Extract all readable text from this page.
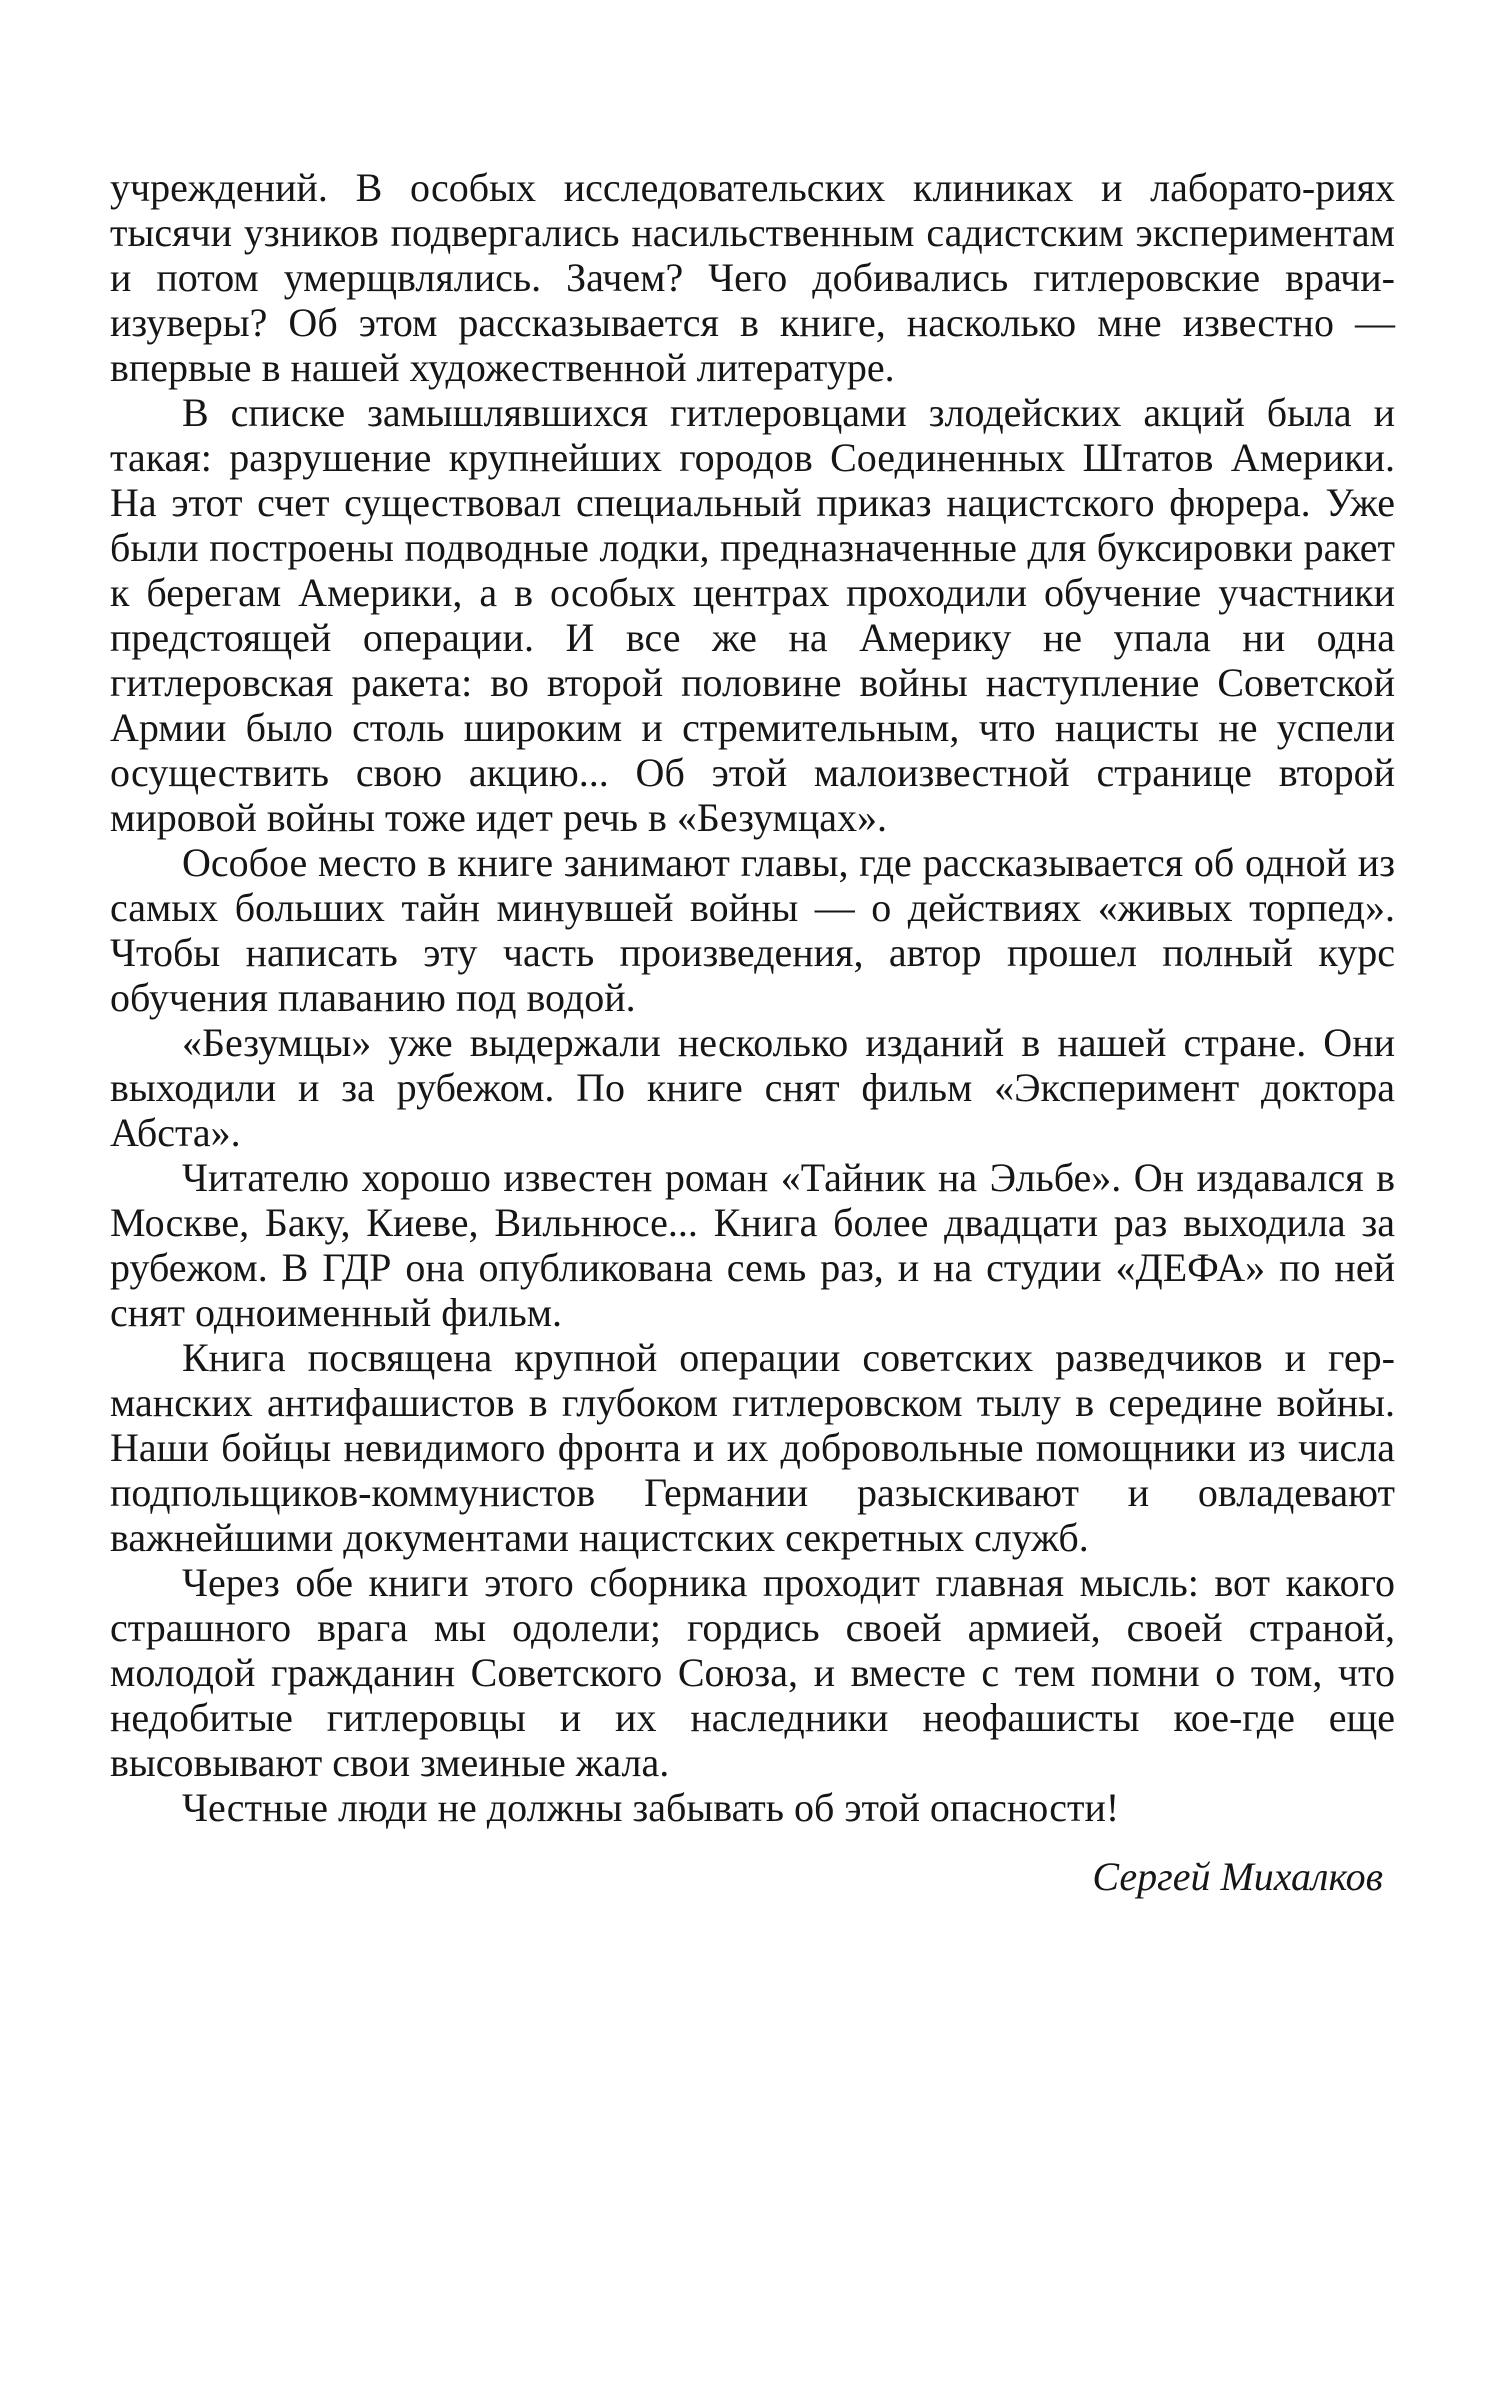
учреждений. В особых исследовательских клиниках и лаборато-риях тысячи узников подвергались насильственным садистским экспериментам и потом умерщвлялись. Зачем? Чего добивались гитлеровские врачи-изуверы? Об этом рассказывается в книге, насколько мне известно — впервые в нашей художественной литературе.

В списке замышлявшихся гитлеровцами злодейских акций была и такая: разрушение крупнейших городов Соединенных Штатов Америки. На этот счет существовал специальный приказ нацистского фюрера. Уже были построены подводные лодки, предназначенные для буксировки ракет к берегам Америки, а в особых центрах проходили обучение участники предстоящей операции. И все же на Америку не упала ни одна гитлеровская ракета: во второй половине войны наступление Советской Армии было столь широким и стремительным, что нацисты не успели осуществить свою акцию... Об этой малоизвестной странице второй мировой войны тоже идет речь в «Безумцах».

Особое место в книге занимают главы, где рассказывается об одной из самых больших тайн минувшей войны — о действиях «живых торпед». Чтобы написать эту часть произведения, автор прошел полный курс обучения плаванию под водой.

«Безумцы» уже выдержали несколько изданий в нашей стране. Они выходили и за рубежом. По книге снят фильм «Эксперимент доктора Абста».

Читателю хорошо известен роман «Тайник на Эльбе». Он издавался в Москве, Баку, Киеве, Вильнюсе... Книга более двадцати раз выходила за рубежом. В ГДР она опубликована семь раз, и на студии «ДЕФА» по ней снят одноименный фильм.

Книга посвящена крупной операции советских разведчиков и германских антифашистов в глубоком гитлеровском тылу в середине войны. Наши бойцы невидимого фронта и их добровольные помощники из числа подпольщиков-коммунистов Германии разыскивают и овладевают важнейшими документами нацистских секретных служб.

Через обе книги этого сборника проходит главная мысль: вот какого страшного врага мы одолели; гордись своей армией, своей страной, молодой гражданин Советского Союза, и вместе с тем помни о том, что недобитые гитлеровцы и их наследники неофашисты кое-где еще высовывают свои змеиные жала.

Честные люди не должны забывать об этой опасности!

Сергей Михалков
